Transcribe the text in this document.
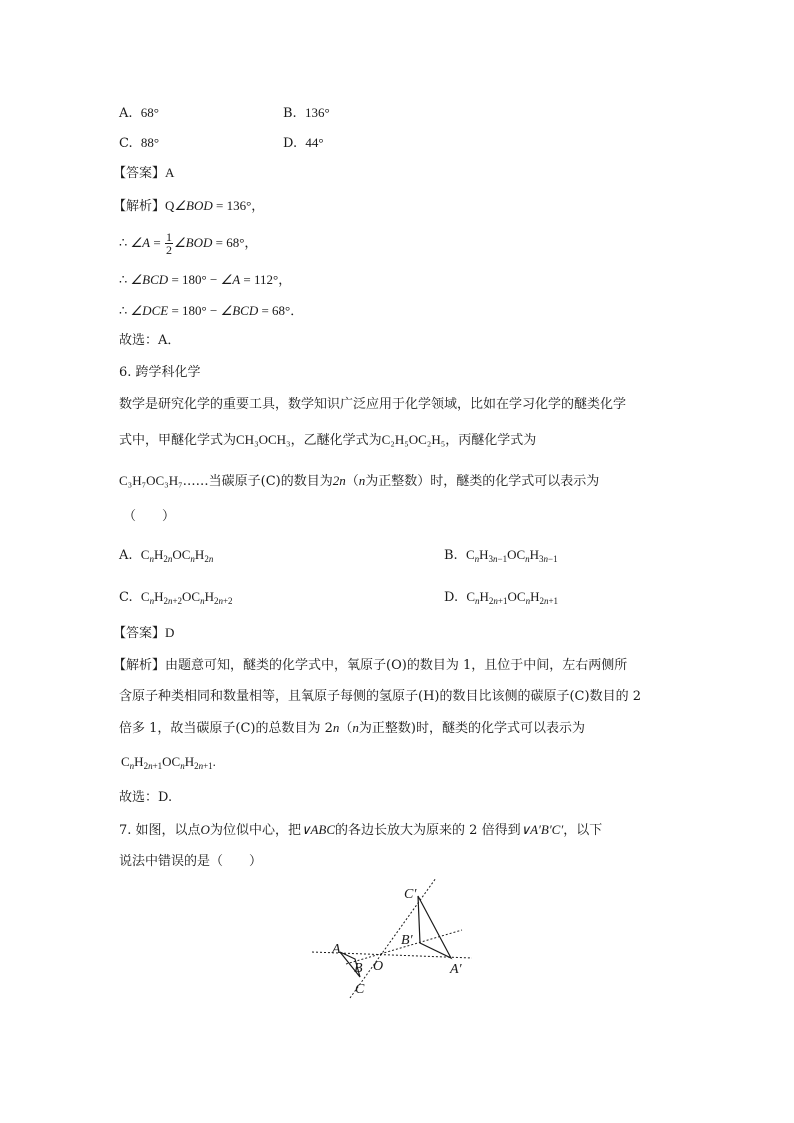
A. 68°	B. 136°
C. 88°	D. 44°
【答案】A
【解析】Q∠BOD = 136°，
∴ ∠A = $\frac{1}{2}$ ∠BOD = 68°，
∴ ∠BCD = 180° − ∠A = 112°，
∴ ∠DCE = 180° − ∠BCD = 68°．
故选：A．
6. 跨学科化学
数学是研究化学的重要工具，数学知识广泛应用于化学领域，比如在学习化学的醚类化学
式中，甲醚化学式为CH₃OCH₃，乙醚化学式为C₂H₅OC₂H₅，丙醚化学式为
C₃H₇OC₃H₇……当碳原子(C)的数目为2n（n为正整数）时，醚类的化学式可以表示为
（　　）
A. $C_nH_{2n}OC_nH_{2n}$	B. $C_nH_{3n-1}OC_nH_{3n-1}$
C. $C_nH_{2n+2}OC_nH_{2n+2}$	D. $C_nH_{2n+1}OC_nH_{2n+1}$
【答案】D
【解析】由题意可知，醚类的化学式中，氧原子(O)的数目为 1，且位于中间，左右两侧所
含原子种类相同和数量相等，且氧原子每侧的氢原子(H)的数目比该侧的碳原子(C)数目的 2
倍多 1，故当碳原子(C)的总数目为 2n（n为正整数)时，醚类的化学式可以表示为
$C_nH_{2n+1}OC_nH_{2n+1}$.
故选：D.
7. 如图，以点O为位似中心，把∨ABC的各边长放大为原来的 2 倍得到∨A′B′C′，以下
说法中错误的是（　　）
C′
B′
A
B O	A′
C
